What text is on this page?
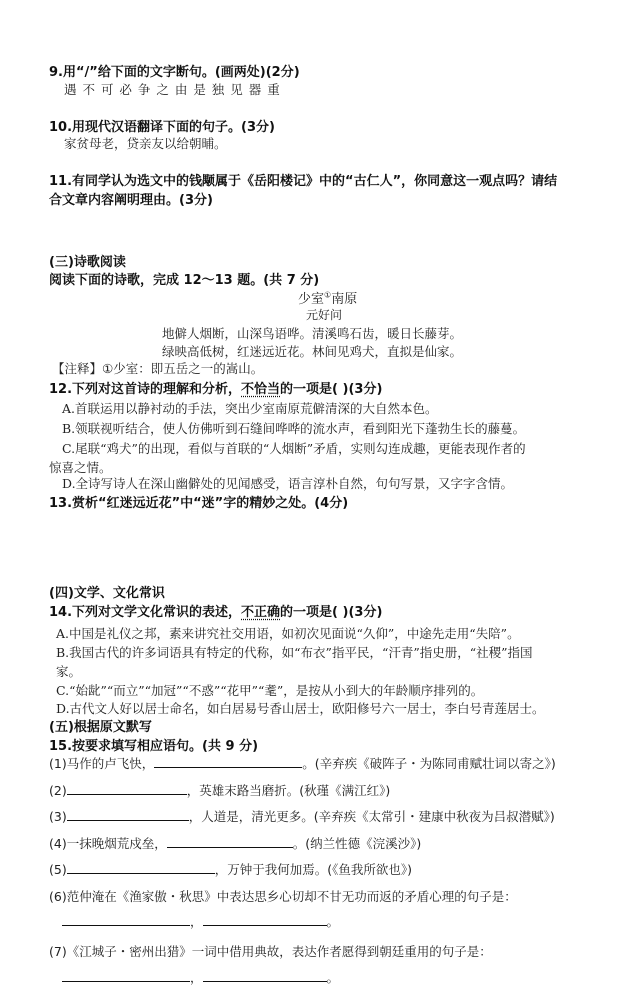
9.用“/”给下面的文字断句。(画两处)(2分)
遇 不 可 必 争 之 由 是 独 见 器 重
10.用现代汉语翻译下面的句子。(3分)
家贫母老，贷亲友以给朝晡。
11.有同学认为选文中的钱颙属于《岳阳楼记》中的“古仁人”，你同意这一观点吗？请结
合文章内容阐明理由。(3分)
(三)诗歌阅读
阅读下面的诗歌，完成 12～13 题。(共 7 分)
少室①南原
元好问
地僻人烟断，山深鸟语哗。清溪鸣石齿，暖日长藤芽。
绿映高低树，红迷远近花。林间见鸡犬，直拟是仙家。
【注释】①少室：即五岳之一的嵩山。
12.下列对这首诗的理解和分析，不恰当的一项是( )(3分)
A.首联运用以静衬动的手法，突出少室南原荒僻清深的大自然本色。
B.领联视听结合，使人仿佛听到石缝间哗哗的流水声，看到阳光下蓬勃生长的藤蔓。
C.尾联“鸡犬”的出现，看似与首联的“人烟断”矛盾，实则勾连成趣，更能表现作者的
惊喜之情。
D.全诗写诗人在深山幽僻处的见闻感受，语言淳朴自然，句句写景，又字字含情。
13.赏析“红迷远近花”中“迷”字的精妙之处。(4分)
(四)文学、文化常识
14.下列对文学文化常识的表述，不正确的一项是( )(3分)
A.中国是礼仪之邦，素来讲究社交用语，如初次见面说“久仰”，中途先走用“失陪”。
B.我国古代的许多词语具有特定的代称，如“布衣”指平民，“汗青”指史册，“社稷”指国
家。
C.“始龀”“而立”“加冠”“不惑”“花甲”“耄”，是按从小到大的年龄顺序排列的。
D.古代文人好以居士命名，如白居易号香山居士，欧阳修号六一居士，李白号青莲居士。
(五)根据原文默写
15.按要求填写相应语句。(共 9 分)
(1)马作的卢飞快，	。(辛弃疾《破阵子・为陈同甫赋壮词以寄之》)
(2)	，英雄末路当磨折。(秋瑾《满江红》)
(3)	，人道是，清光更多。(辛弃疾《太常引・建康中秋夜为吕叔潜赋》)
(4)一抹晚烟荒戍垒，	。(纳兰性德《浣溪沙》)
(5)	，万钟于我何加焉。(《鱼我所欲也》)
(6)范仲淹在《渔家傲・秋思》中表达思乡心切却不甘无功而返的矛盾心理的句子是：
，	。
(7)《江城子・密州出猎》一词中借用典故，表达作者愿得到朝廷重用的句子是：
，	。
